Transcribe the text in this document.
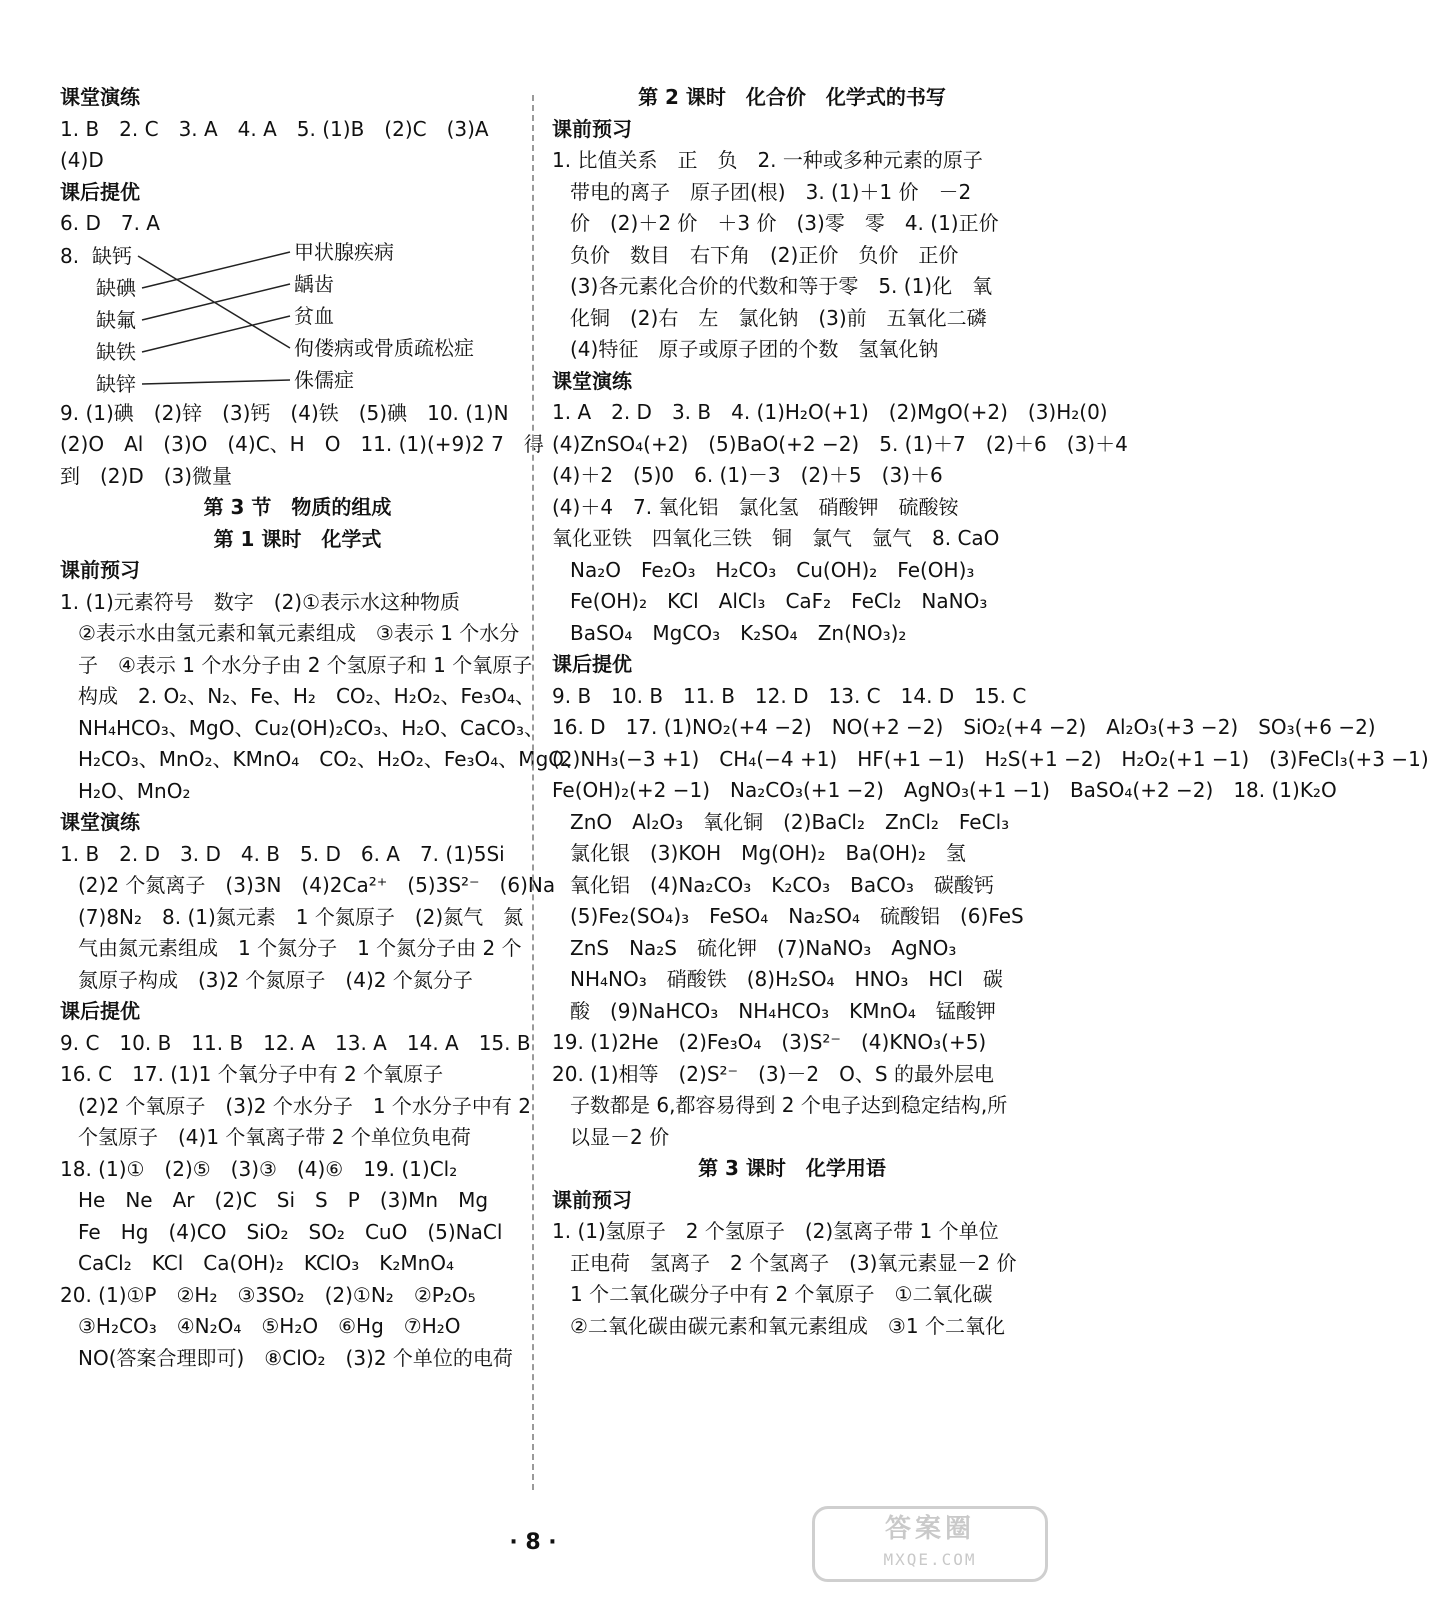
课堂演练
1. B　2. C　3. A　4. A　5. (1)B　(2)C　(3)A
(4)D
课后提优
6. D　7. A
8. 缺钙
缺碘
缺氟
缺铁
缺锌
甲状腺疾病
龋齿
贫血
佝偻病或骨质疏松症
侏儒症
9. (1)碘　(2)锌　(3)钙　(4)铁　(5)碘　10. (1)N
(2)O　Al　(3)O　(4)C、H　O　11. (1)(+9)2 7　得
到　(2)D　(3)微量
第 3 节　物质的组成
第 1 课时　化学式
课前预习
1. (1)元素符号　数字　(2)①表示水这种物质
②表示水由氢元素和氧元素组成　③表示 1 个水分
子　④表示 1 个水分子由 2 个氢原子和 1 个氧原子
构成　2. O₂、N₂、Fe、H₂　CO₂、H₂O₂、Fe₃O₄、
NH₄HCO₃、MgO、Cu₂(OH)₂CO₃、H₂O、CaCO₃、
H₂CO₃、MnO₂、KMnO₄　CO₂、H₂O₂、Fe₃O₄、MgO、
H₂O、MnO₂
课堂演练
1. B　2. D　3. D　4. B　5. D　6. A　7. (1)5Si
(2)2 个氮离子　(3)3N　(4)2Ca²⁺　(5)3S²⁻　(6)Na
(7)8N₂　8. (1)氮元素　1 个氮原子　(2)氮气　氮
气由氮元素组成　1 个氮分子　1 个氮分子由 2 个
氮原子构成　(3)2 个氮原子　(4)2 个氮分子
课后提优
9. C　10. B　11. B　12. A　13. A　14. A　15. B
16. C　17. (1)1 个氧分子中有 2 个氧原子
(2)2 个氧原子　(3)2 个水分子　1 个水分子中有 2
个氢原子　(4)1 个氧离子带 2 个单位负电荷
18. (1)①　(2)⑤　(3)③　(4)⑥　19. (1)Cl₂
He　Ne　Ar　(2)C　Si　S　P　(3)Mn　Mg
Fe　Hg　(4)CO　SiO₂　SO₂　CuO　(5)NaCl
CaCl₂　KCl　Ca(OH)₂　KClO₃　K₂MnO₄
20. (1)①P　②H₂　③3SO₂　(2)①N₂　②P₂O₅
③H₂CO₃　④N₂O₄　⑤H₂O　⑥Hg　⑦H₂O
NO(答案合理即可)　⑧ClO₂　(3)2 个单位的电荷
第 2 课时　化合价　化学式的书写
课前预习
1. 比值关系　正　负　2. 一种或多种元素的原子
带电的离子　原子团(根)　3. (1)＋1 价　－2
价　(2)＋2 价　＋3 价　(3)零　零　4. (1)正价
负价　数目　右下角　(2)正价　负价　正价
(3)各元素化合价的代数和等于零　5. (1)化　氧
化铜　(2)右　左　氯化钠　(3)前　五氧化二磷
(4)特征　原子或原子团的个数　氢氧化钠
课堂演练
1. A　2. D　3. B　4. (1)H₂O(+1)　(2)MgO(+2)　(3)H₂(0)
(4)ZnSO₄(+2)　(5)BaO(+2 −2)　5. (1)＋7　(2)＋6　(3)＋4
(4)＋2　(5)0　6. (1)－3　(2)＋5　(3)＋6
(4)＋4　7. 氧化铝　氯化氢　硝酸钾　硫酸铵
氧化亚铁　四氧化三铁　铜　氯气　氩气　8. CaO
Na₂O　Fe₂O₃　H₂CO₃　Cu(OH)₂　Fe(OH)₃
Fe(OH)₂　KCl　AlCl₃　CaF₂　FeCl₂　NaNO₃
BaSO₄　MgCO₃　K₂SO₄　Zn(NO₃)₂
课后提优
9. B　10. B　11. B　12. D　13. C　14. D　15. C
16. D　17. (1)NO₂(+4 −2)　NO(+2 −2)　SiO₂(+4 −2)　Al₂O₃(+3 −2)　SO₃(+6 −2)
(2)NH₃(−3 +1)　CH₄(−4 +1)　HF(+1 −1)　H₂S(+1 −2)　H₂O₂(+1 −1)　(3)FeCl₃(+3 −1)
Fe(OH)₂(+2 −1)　Na₂CO₃(+1 −2)　AgNO₃(+1 −1)　BaSO₄(+2 −2)　18. (1)K₂O
ZnO　Al₂O₃　氧化铜　(2)BaCl₂　ZnCl₂　FeCl₃
氯化银　(3)KOH　Mg(OH)₂　Ba(OH)₂　氢
氧化铝　(4)Na₂CO₃　K₂CO₃　BaCO₃　碳酸钙
(5)Fe₂(SO₄)₃　FeSO₄　Na₂SO₄　硫酸铝　(6)FeS
ZnS　Na₂S　硫化钾　(7)NaNO₃　AgNO₃
NH₄NO₃　硝酸铁　(8)H₂SO₄　HNO₃　HCl　碳
酸　(9)NaHCO₃　NH₄HCO₃　KMnO₄　锰酸钾
19. (1)2He　(2)Fe₃O₄　(3)S²⁻　(4)KNO₃(+5)
20. (1)相等　(2)S²⁻　(3)－2　O、S 的最外层电
子数都是 6,都容易得到 2 个电子达到稳定结构,所
以显－2 价
第 3 课时　化学用语
课前预习
1. (1)氢原子　2 个氢原子　(2)氢离子带 1 个单位
正电荷　氢离子　2 个氢离子　(3)氧元素显－2 价
1 个二氧化碳分子中有 2 个氧原子　①二氧化碳
②二氧化碳由碳元素和氧元素组成　③1 个二氧化
· 8 ·	答案圈
MXQE.COM
